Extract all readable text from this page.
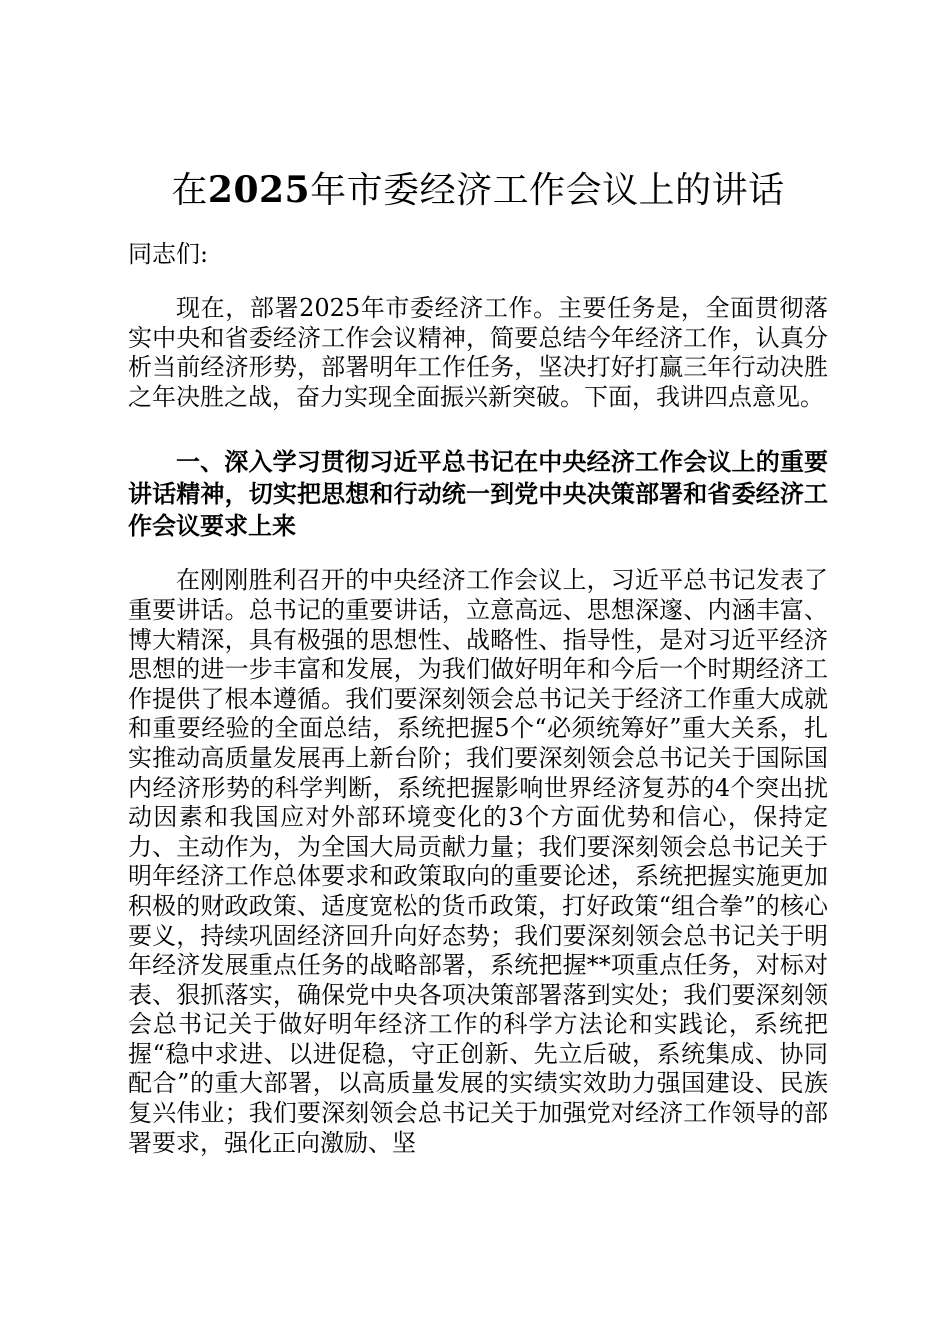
在2025年市委经济工作会议上的讲话

同志们:

现在，部署2025年市委经济工作。主要任务是，全面贯彻落实中央和省委经济工作会议精神，简要总结今年经济工作，认真分析当前经济形势，部署明年工作任务，坚决打好打赢三年行动决胜之年决胜之战，奋力实现全面振兴新突破。下面，我讲四点意见。

一、深入学习贯彻习近平总书记在中央经济工作会议上的重要讲话精神，切实把思想和行动统一到党中央决策部署和省委经济工作会议要求上来

在刚刚胜利召开的中央经济工作会议上，习近平总书记发表了重要讲话。总书记的重要讲话，立意高远、思想深邃、内涵丰富、博大精深，具有极强的思想性、战略性、指导性，是对习近平经济思想的进一步丰富和发展，为我们做好明年和今后一个时期经济工作提供了根本遵循。我们要深刻领会总书记关于经济工作重大成就和重要经验的全面总结，系统把握5个“必须统筹好”重大关系，扎实推动高质量发展再上新台阶；我们要深刻领会总书记关于国际国内经济形势的科学判断，系统把握影响世界经济复苏的4个突出扰动因素和我国应对外部环境变化的3个方面优势和信心，保持定力、主动作为，为全国大局贡献力量；我们要深刻领会总书记关于明年经济工作总体要求和政策取向的重要论述，系统把握实施更加积极的财政政策、适度宽松的货币政策，打好政策“组合拳”的核心要义，持续巩固经济回升向好态势；我们要深刻领会总书记关于明年经济发展重点任务的战略部署，系统把握**项重点任务，对标对表、狠抓落实，确保党中央各项决策部署落到实处；我们要深刻领会总书记关于做好明年经济工作的科学方法论和实践论，系统把握“稳中求进、以进促稳，守正创新、先立后破，系统集成、协同配合”的重大部署，以高质量发展的实绩实效助力强国建设、民族复兴伟业；我们要深刻领会总书记关于加强党对经济工作领导的部署要求，强化正向激励、坚
